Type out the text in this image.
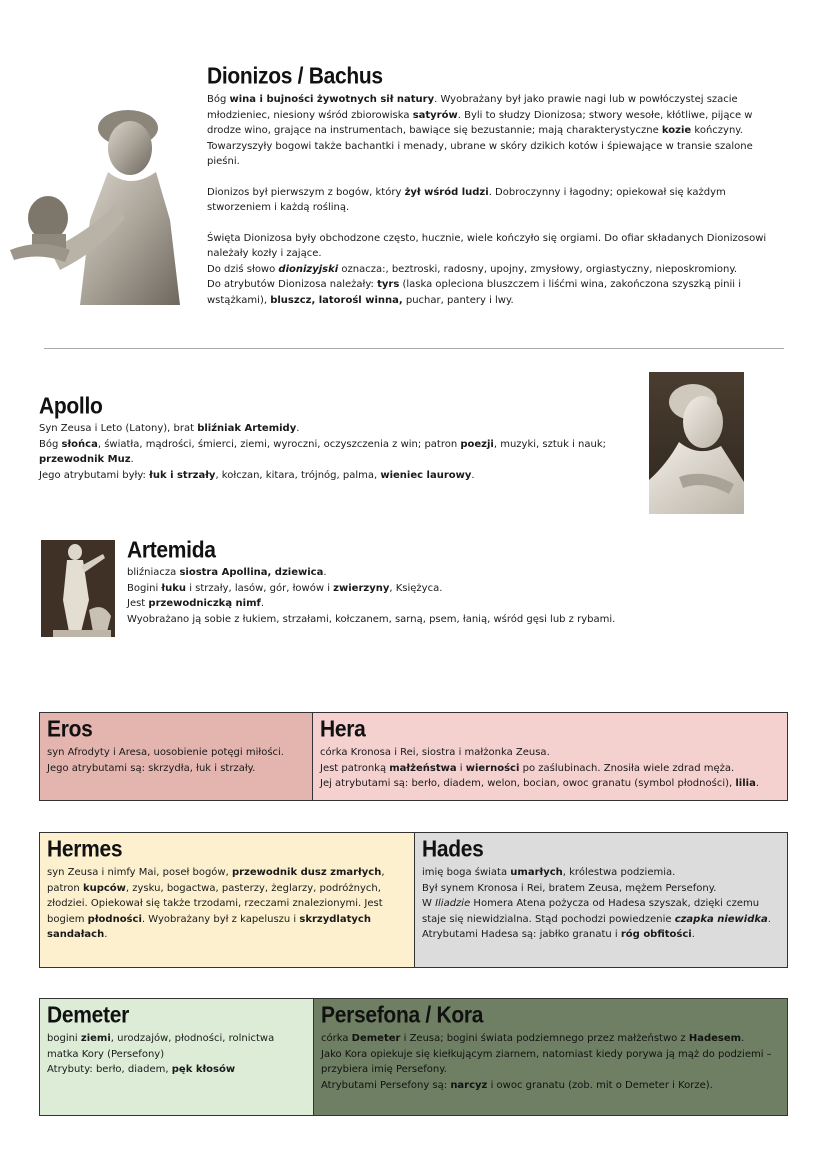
Dionizos / Bachus

Bóg wina i bujności żywotnych sił natury. Wyobrażany był jako prawie nagi lub w powłóczystej szacie młodzieniec, niesiony wśród zbiorowiska satyrów. Byli to słudzy Dionizosa; stwory wesołe, kłótliwe, pijące w drodze wino, grające na instrumentach, bawiące się bezustannie; mają charakterystyczne kozie kończyny. Towarzyszyły bogowi także bachantki i menady, ubrane w skóry dzikich kotów i śpiewające w transie szalone pieśni.

Dionizos był pierwszym z bogów, który żył wśród ludzi. Dobroczynny i łagodny; opiekował się każdym stworzeniem i każdą rośliną.

Święta Dionizosa były obchodzone często, hucznie, wiele kończyło się orgiami. Do ofiar składanych Dionizosowi należały kozły i zające.

Do dziś słowo dionizyjski oznacza:, beztroski, radosny, upojny, zmysłowy, orgiastyczny, nieposkromiony.

Do atrybutów Dionizosa należały: tyrs (laska opleciona bluszczem i liśćmi wina, zakończona szyszką pinii i wstążkami), bluszcz, latorośl winna, puchar, pantery i lwy.

Apollo

Syn Zeusa i Leto (Latony), brat bliźniak Artemidy.

Bóg słońca, światła, mądrości, śmierci, ziemi, wyroczni, oczyszczenia z win; patron poezji, muzyki, sztuk i nauk;

przewodnik Muz.

Jego atrybutami były: łuk i strzały, kołczan, kitara, trójnóg, palma, wieniec laurowy.

Artemida

bliźniacza siostra Apollina, dziewica.

Bogini łuku i strzały, lasów, gór, łowów i zwierzyny, Księżyca.

Jest przewodniczką nimf.

Wyobrażano ją sobie z łukiem, strzałami, kołczanem, sarną, psem, łanią, wśród gęsi lub z rybami.

Eros
syn Afrodyty i Aresa, uosobienie potęgi miłości.
Jego atrybutami są: skrzydła, łuk i strzały.
Hera
córka Kronosa i Rei, siostra i małżonka Zeusa.
Jest patronką małżeństwa i wierności po zaślubinach. Znosiła wiele zdrad męża.
Jej atrybutami są: berło, diadem, welon, bocian, owoc granatu (symbol płodności), lilia.
Hermes
syn Zeusa i nimfy Mai, poseł bogów, przewodnik dusz zmarłych, patron kupców, zysku, bogactwa, pasterzy, żeglarzy, podróżnych, złodziei. Opiekował się także trzodami, rzeczami znalezionymi. Jest bogiem płodności. Wyobrażany był z kapeluszu i skrzydlatych sandałach.
Hades
imię boga świata umarłych, królestwa podziemia.
Był synem Kronosa i Rei, bratem Zeusa, mężem Persefony.
W Iliadzie Homera Atena pożycza od Hadesa szyszak, dzięki czemu staje się niewidzialna. Stąd pochodzi powiedzenie czapka niewidka.
Atrybutami Hadesa są: jabłko granatu i róg obfitości.
Demeter
bogini ziemi, urodzajów, płodności, rolnictwa
matka Kory (Persefony)
Atrybuty: berło, diadem, pęk kłosów
Persefona / Kora
córka Demeter i Zeusa; bogini świata podziemnego przez małżeństwo z Hadesem.
Jako Kora opiekuje się kiełkującym ziarnem, natomiast kiedy porywa ją mąż do podziemi – przybiera imię Persefony.
Atrybutami Persefony są: narcyz i owoc granatu (zob. mit o Demeter i Korze).
